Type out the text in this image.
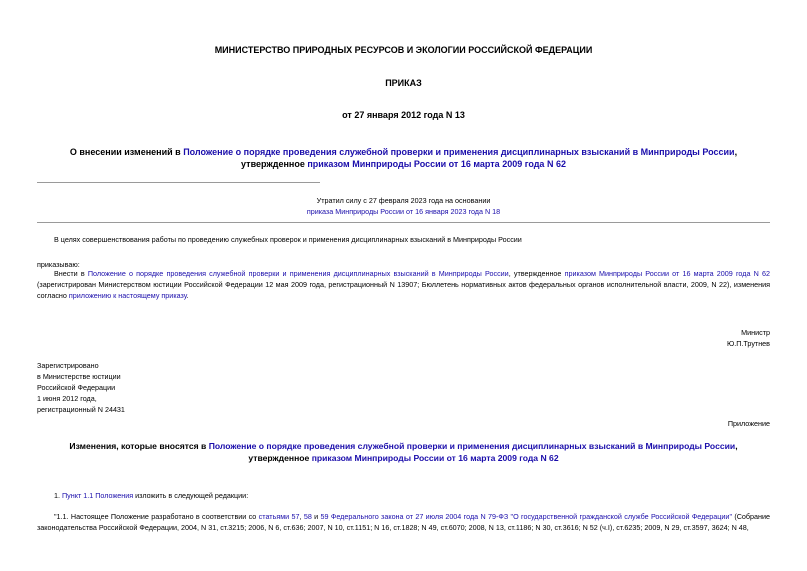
МИНИСТЕРСТВО ПРИРОДНЫХ РЕСУРСОВ И ЭКОЛОГИИ РОССИЙСКОЙ ФЕДЕРАЦИИ
ПРИКАЗ
от 27 января 2012 года N 13
О внесении изменений в Положение о порядке проведения служебной проверки и применения дисциплинарных взысканий в Минприроды России, утвержденное приказом Минприроды России от 16 марта 2009 года N 62
Утратил силу с 27 февраля 2023 года на основании
приказа Минприроды России от 16 января 2023 года N 18
В целях совершенствования работы по проведению служебных проверок и применения дисциплинарных взысканий в Минприроды России
приказываю:
Внести в Положение о порядке проведения служебной проверки и применения дисциплинарных взысканий в Минприроды России, утвержденное приказом Минприроды России от 16 марта 2009 года N 62 (зарегистрирован Министерством юстиции Российской Федерации 12 мая 2009 года, регистрационный N 13907; Бюллетень нормативных актов федеральных органов исполнительной власти, 2009, N 22), изменения согласно приложению к настоящему приказу.
Министр
Ю.П.Трутнев
Зарегистрировано
в Министерстве юстиции
Российской Федерации
1 июня 2012 года,
регистрационный N 24431
Приложение
Изменения, которые вносятся в Положение о порядке проведения служебной проверки и применения дисциплинарных взысканий в Минприроды России, утвержденное приказом Минприроды России от 16 марта 2009 года N 62
1. Пункт 1.1 Положения изложить в следующей редакции:
"1.1. Настоящее Положение разработано в соответствии со статьями 57, 58 и 59 Федерального закона от 27 июля 2004 года N 79-ФЗ "О государственной гражданской службе Российской Федерации" (Собрание законодательства Российской Федерации, 2004, N 31, ст.3215; 2006, N 6, ст.636; 2007, N 10, ст.1151; N 16, ст.1828; N 49, ст.6070; 2008, N 13, ст.1186; N 30, ст.3616; N 52 (ч.I), ст.6235; 2009, N 29, ст.3597, 3624; N 48,
